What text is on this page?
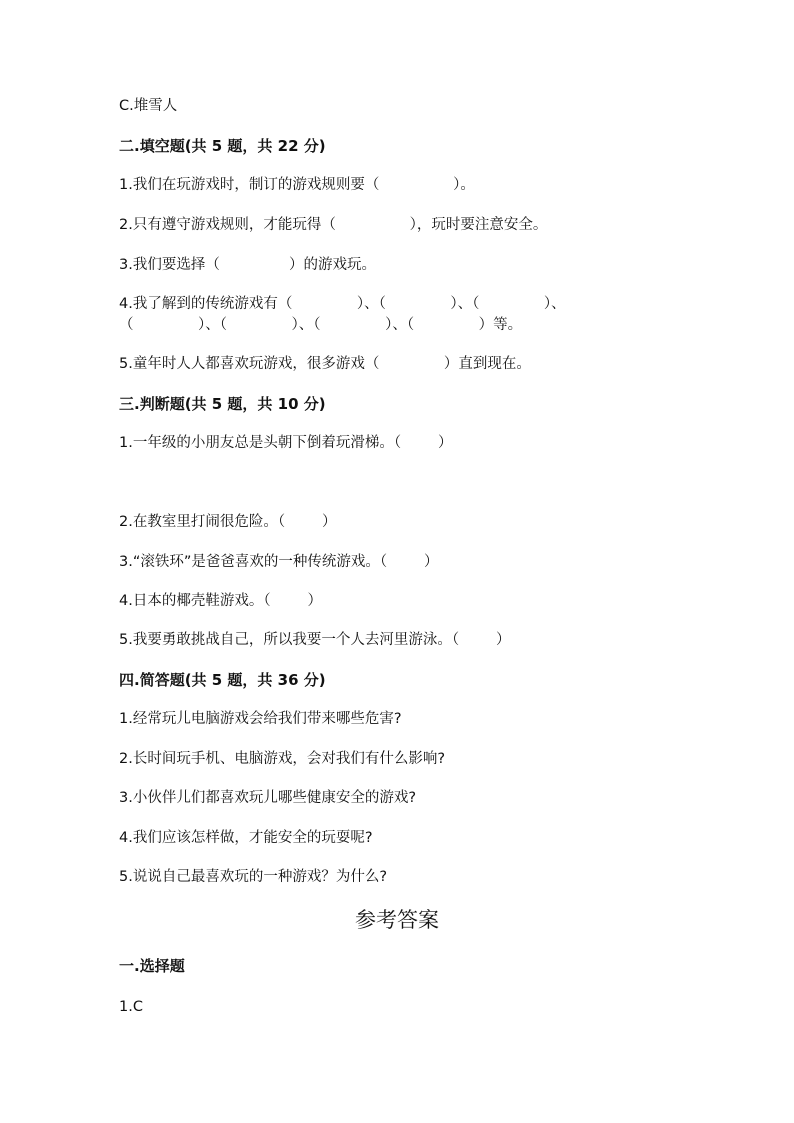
C.堆雪人
二.填空题(共 5 题，共 22 分)
1.我们在玩游戏时，制订的游戏规则要（                ）。
2.只有遵守游戏规则，才能玩得（                ），玩时要注意安全。
3.我们要选择（               ）的游戏玩。
4.我了解到的传统游戏有（              ）、（              ）、（              ）、
（              ）、（              ）、（              ）、（              ）等。
5.童年时人人都喜欢玩游戏，很多游戏（              ）直到现在。
三.判断题(共 5 题，共 10 分)
1.一年级的小朋友总是头朝下倒着玩滑梯。（        ）
2.在教室里打闹很危险。（        ）
3.“滚铁环”是爸爸喜欢的一种传统游戏。（        ）
4.日本的椰壳鞋游戏。（        ）
5.我要勇敢挑战自己，所以我要一个人去河里游泳。（        ）
四.简答题(共 5 题，共 36 分)
1.经常玩儿电脑游戏会给我们带来哪些危害?
2.长时间玩手机、电脑游戏，会对我们有什么影响?
3.小伙伴儿们都喜欢玩儿哪些健康安全的游戏?
4.我们应该怎样做，才能安全的玩耍呢?
5.说说自己最喜欢玩的一种游戏？为什么?
参考答案
一.选择题
1.C
